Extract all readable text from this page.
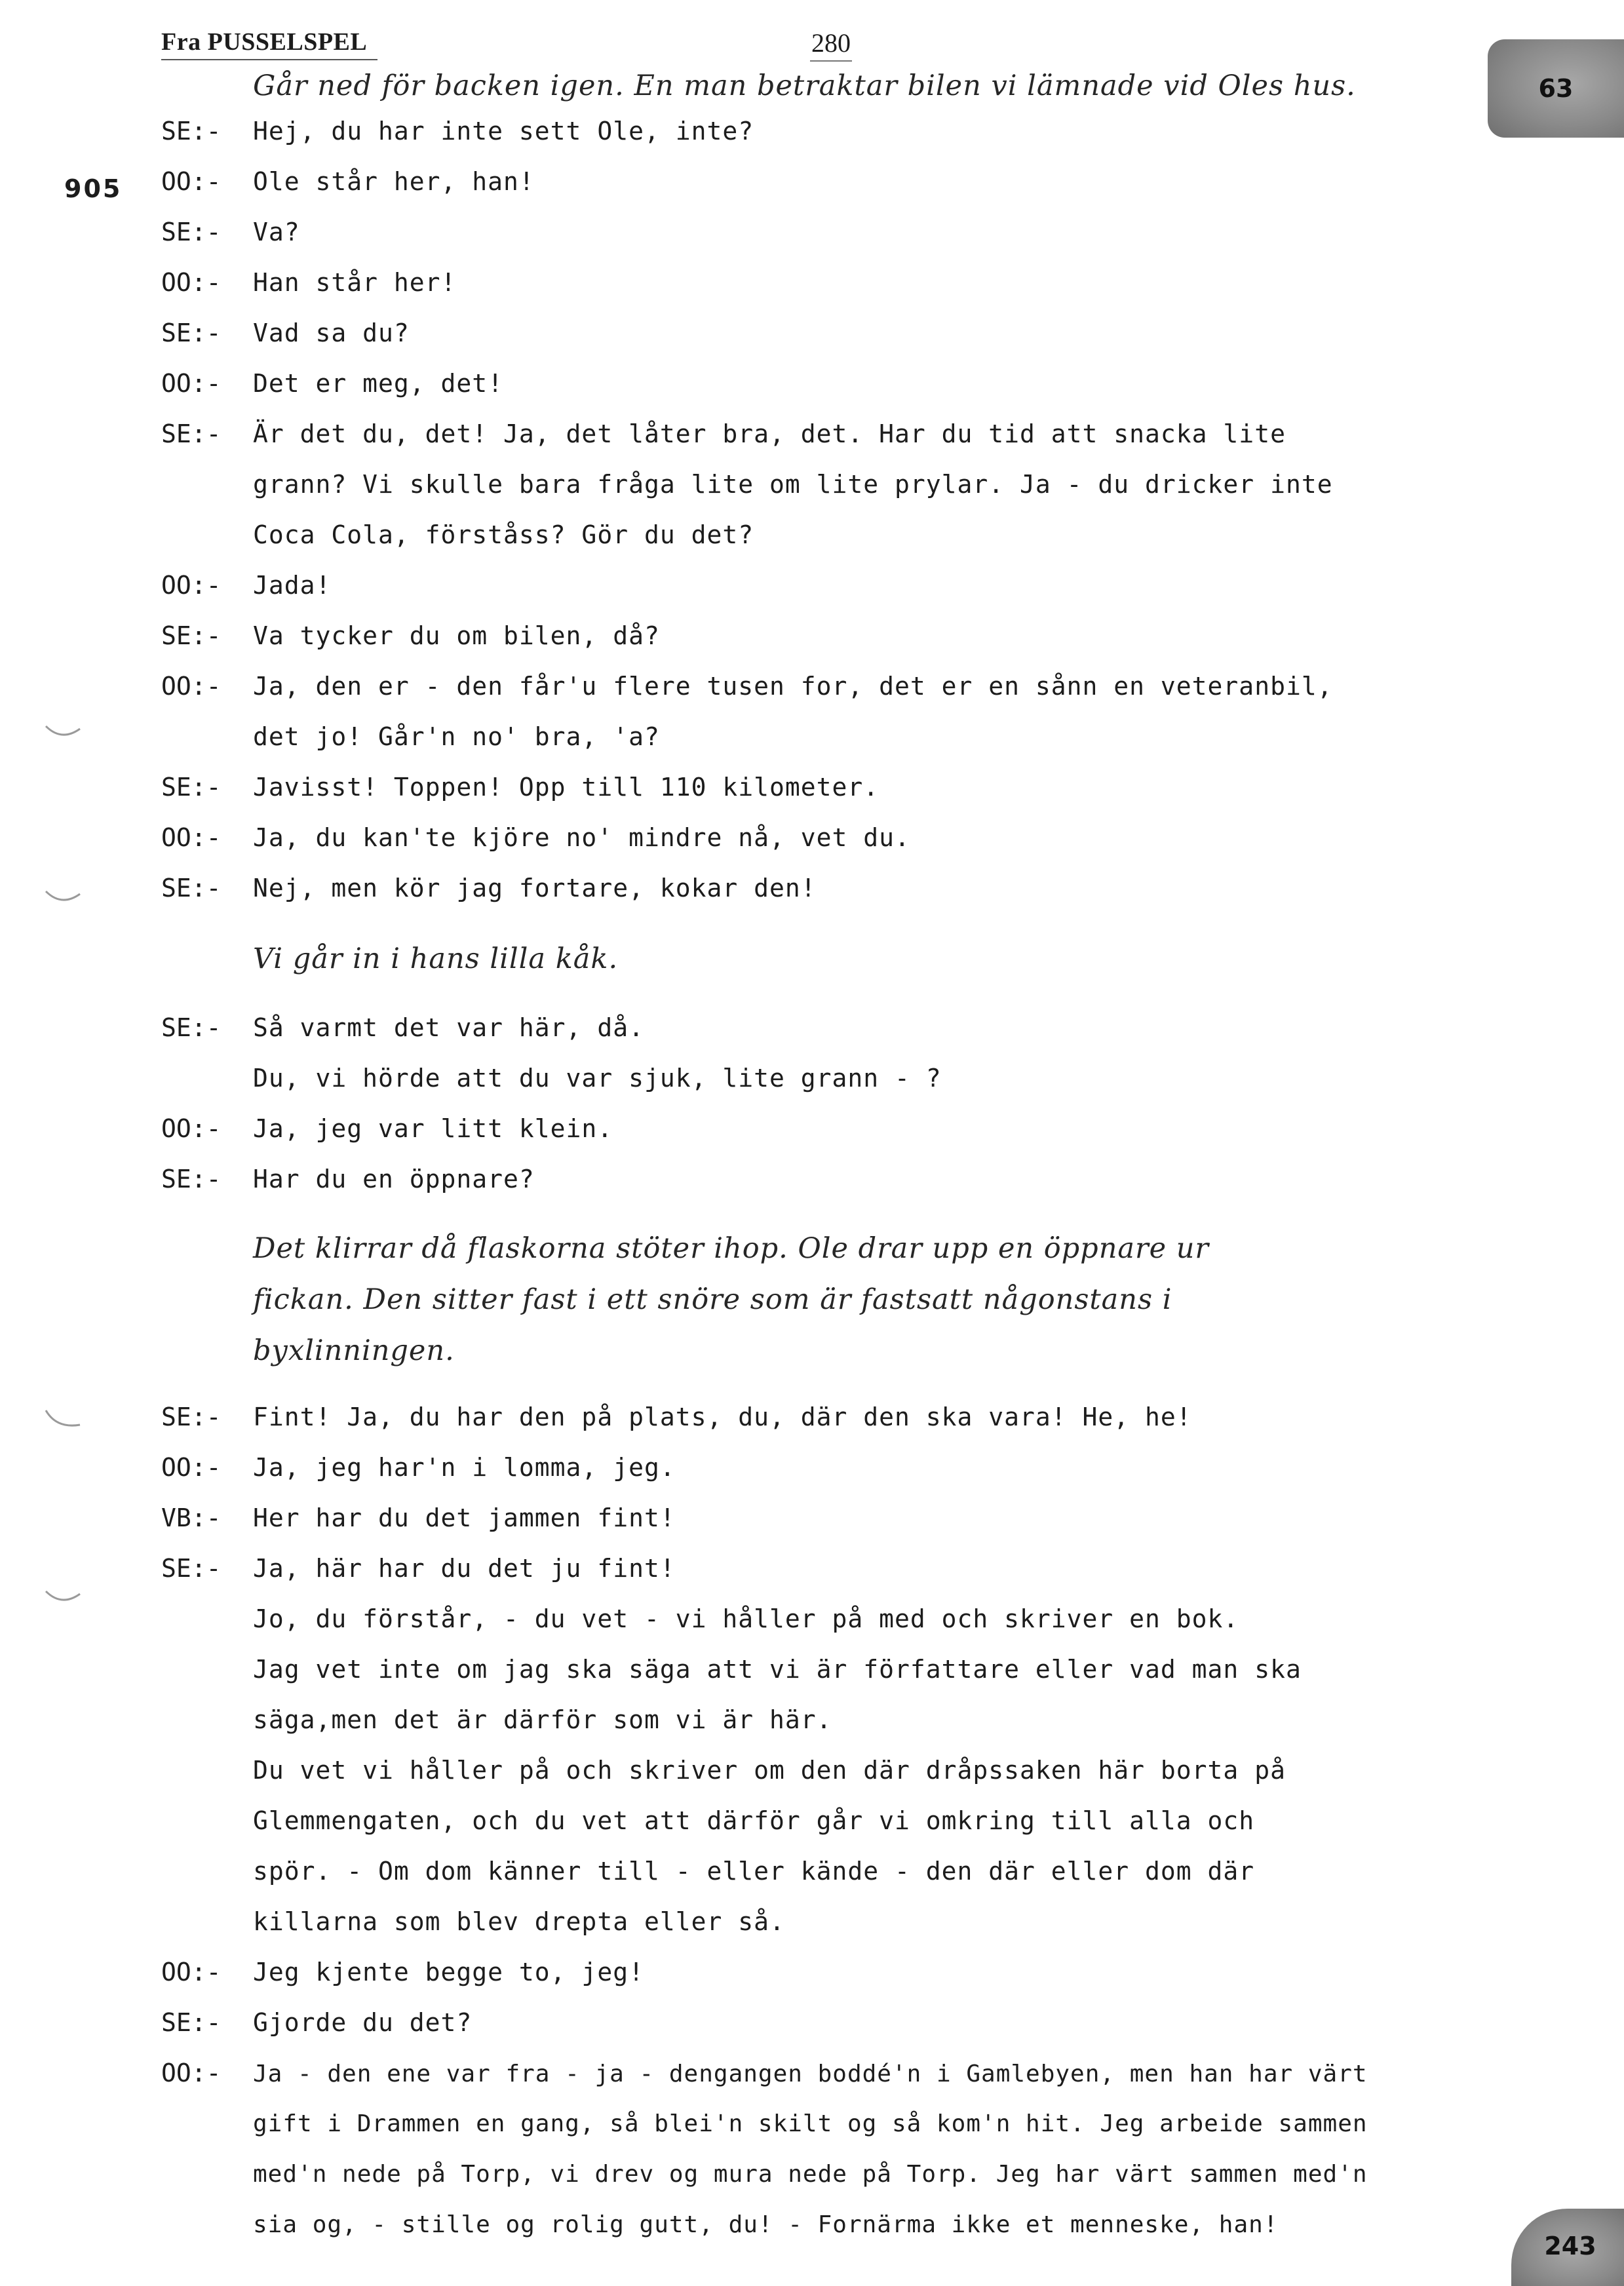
Fra PUSSELSPEL	280
63
243
905
Går ned för backen igen. En man betraktar bilen vi lämnade vid Oles hus.
SE:- Hej, du har inte sett Ole, inte?
OO:- Ole står her, han!
SE:- Va?
OO:- Han står her!
SE:- Vad sa du?
OO:- Det er meg, det!
SE:- Är det du, det! Ja, det låter bra, det. Har du tid att snacka lite
grann? Vi skulle bara fråga lite om lite prylar. Ja - du dricker inte
Coca Cola, förståss? Gör du det?
OO:- Jada!
SE:- Va tycker du om bilen, då?
OO:- Ja, den er - den får'u flere tusen for, det er en sånn en veteranbil,
det jo! Går'n no' bra, 'a?
SE:- Javisst! Toppen! Opp till 110 kilometer.
OO:- Ja, du kan'te kjöre no' mindre nå, vet du.
SE:- Nej, men kör jag fortare, kokar den!
Vi går in i hans lilla kåk.
SE:- Så varmt det var här, då.
Du, vi hörde att du var sjuk, lite grann - ?
OO:- Ja, jeg var litt klein.
SE:- Har du en öppnare?
Det klirrar då flaskorna stöter ihop. Ole drar upp en öppnare ur
fickan. Den sitter fast i ett snöre som är fastsatt någonstans i
byxlinningen.
SE:- Fint! Ja, du har den på plats, du, där den ska vara! He, he!
OO:- Ja, jeg har'n i lomma, jeg.
VB:- Her har du det jammen fint!
SE:- Ja, här har du det ju fint!
Jo, du förstår, - du vet - vi håller på med och skriver en bok.
Jag vet inte om jag ska säga att vi är författare eller vad man ska
säga,men det är därför som vi är här.
Du vet vi håller på och skriver om den där dråpssaken här borta på
Glemmengaten, och du vet att därför går vi omkring till alla och
spör. - Om dom känner till - eller kände - den där eller dom där
killarna som blev drepta eller så.
OO:- Jeg kjente begge to, jeg!
SE:- Gjorde du det?
OO:- Ja - den ene var fra - ja - dengangen boddé'n i Gamlebyen, men han har värt
gift i Drammen en gang, så blei'n skilt og så kom'n hit. Jeg arbeide sammen
med'n nede på Torp, vi drev og mura nede på Torp. Jeg har värt sammen med'n
sia og, - stille og rolig gutt, du! - Fornärma ikke et menneske, han!
